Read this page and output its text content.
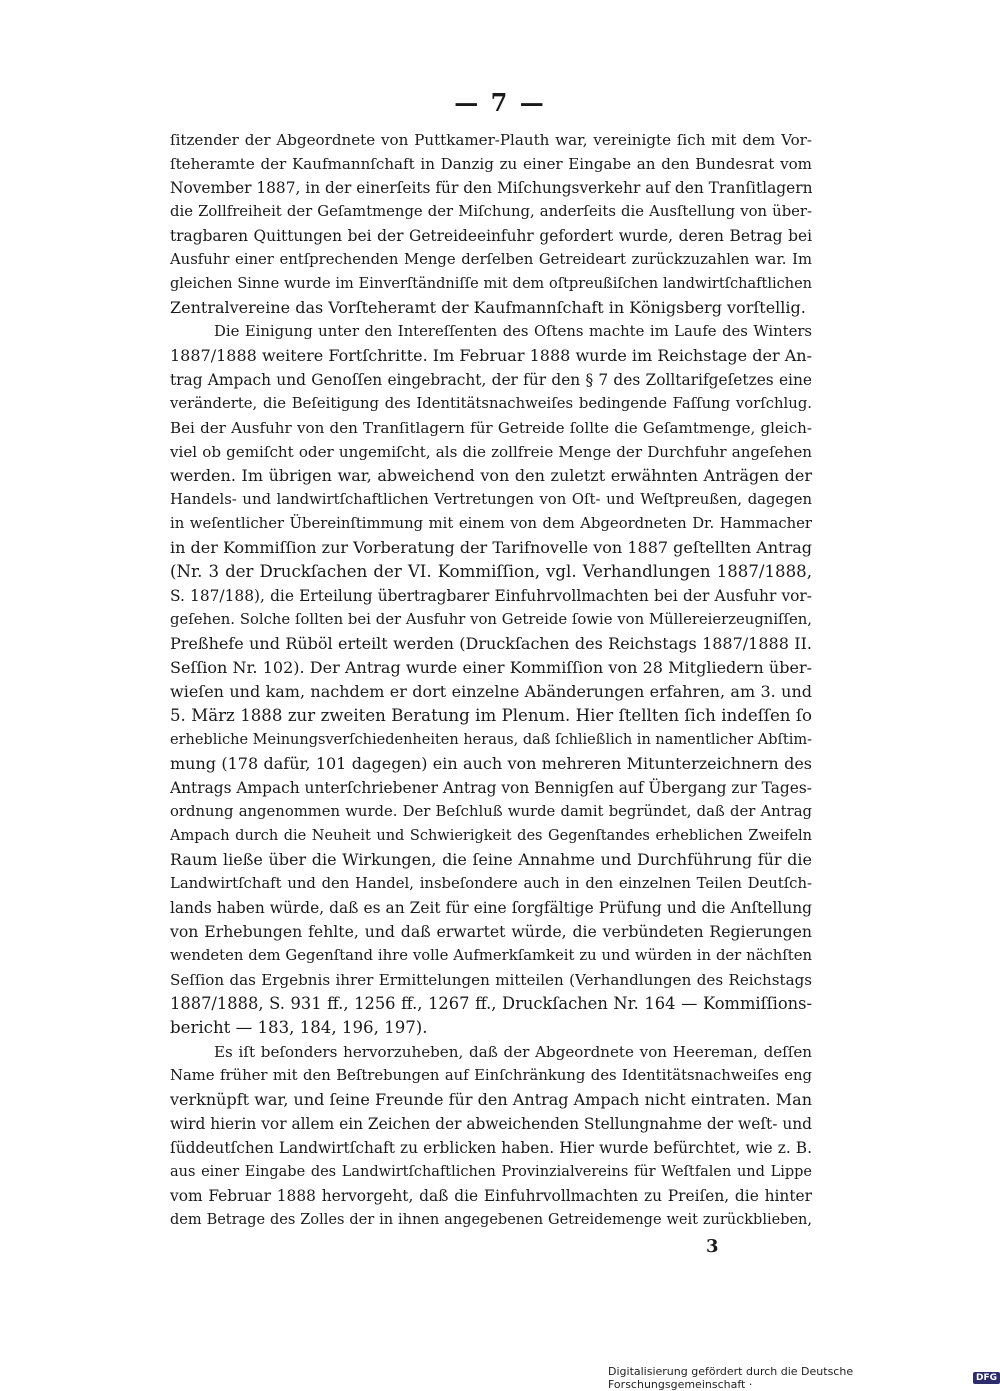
— 7 —
ſitzender der Abgeordnete von Puttkamer-Plauth war, vereinigte ſich mit dem Vor-
ſteheramte der Kaufmannſchaft in Danzig zu einer Eingabe an den Bundesrat vom
November 1887, in der einerſeits für den Miſchungsverkehr auf den Tranſitlagern
die Zollfreiheit der Geſamtmenge der Miſchung, anderſeits die Ausſtellung von über-
tragbaren Quittungen bei der Getreideeinfuhr gefordert wurde, deren Betrag bei
Ausfuhr einer entſprechenden Menge derſelben Getreideart zurückzuzahlen war. Im
gleichen Sinne wurde im Einverſtändniſſe mit dem oſtpreußiſchen landwirtſchaftlichen
Zentralvereine das Vorſteheramt der Kaufmannſchaft in Königsberg vorſtellig.
Die Einigung unter den Intereſſenten des Oſtens machte im Laufe des Winters
1887/1888 weitere Fortſchritte. Im Februar 1888 wurde im Reichstage der An-
trag Ampach und Genoſſen eingebracht, der für den § 7 des Zolltarifgeſetzes eine
veränderte, die Beſeitigung des Identitätsnachweiſes bedingende Faſſung vorſchlug.
Bei der Ausfuhr von den Tranſitlagern für Getreide ſollte die Geſamtmenge, gleich-
viel ob gemiſcht oder ungemiſcht, als die zollfreie Menge der Durchfuhr angeſehen
werden. Im übrigen war, abweichend von den zuletzt erwähnten Anträgen der
Handels- und landwirtſchaftlichen Vertretungen von Oſt- und Weſtpreußen, dagegen
in weſentlicher Übereinſtimmung mit einem von dem Abgeordneten Dr. Hammacher
in der Kommiſſion zur Vorberatung der Tarifnovelle von 1887 geſtellten Antrag
(Nr. 3 der Druckſachen der VI. Kommiſſion, vgl. Verhandlungen 1887/1888,
S. 187/188), die Erteilung übertragbarer Einfuhrvollmachten bei der Ausfuhr vor-
geſehen. Solche ſollten bei der Ausfuhr von Getreide ſowie von Müllereierzeugniſſen,
Preßhefe und Rüböl erteilt werden (Druckſachen des Reichstags 1887/1888 II.
Seſſion Nr. 102). Der Antrag wurde einer Kommiſſion von 28 Mitgliedern über-
wieſen und kam, nachdem er dort einzelne Abänderungen erfahren, am 3. und
5. März 1888 zur zweiten Beratung im Plenum. Hier ſtellten ſich indeſſen ſo
erhebliche Meinungsverſchiedenheiten heraus, daß ſchließlich in namentlicher Abſtim-
mung (178 dafür, 101 dagegen) ein auch von mehreren Mitunterzeichnern des
Antrags Ampach unterſchriebener Antrag von Bennigſen auf Übergang zur Tages-
ordnung angenommen wurde. Der Beſchluß wurde damit begründet, daß der Antrag
Ampach durch die Neuheit und Schwierigkeit des Gegenſtandes erheblichen Zweifeln
Raum ließe über die Wirkungen, die ſeine Annahme und Durchführung für die
Landwirtſchaft und den Handel, insbeſondere auch in den einzelnen Teilen Deutſch-
lands haben würde, daß es an Zeit für eine ſorgfältige Prüfung und die Anſtellung
von Erhebungen fehlte, und daß erwartet würde, die verbündeten Regierungen
wendeten dem Gegenſtand ihre volle Aufmerkſamkeit zu und würden in der nächſten
Seſſion das Ergebnis ihrer Ermittelungen mitteilen (Verhandlungen des Reichstags
1887/1888, S. 931 ff., 1256 ff., 1267 ff., Druckſachen Nr. 164 — Kommiſſions-
bericht — 183, 184, 196, 197).
Es iſt beſonders hervorzuheben, daß der Abgeordnete von Heereman, deſſen
Name früher mit den Beſtrebungen auf Einſchränkung des Identitätsnachweiſes eng
verknüpft war, und ſeine Freunde für den Antrag Ampach nicht eintraten. Man
wird hierin vor allem ein Zeichen der abweichenden Stellungnahme der weſt- und
ſüddeutſchen Landwirtſchaft zu erblicken haben. Hier wurde befürchtet, wie z. B.
aus einer Eingabe des Landwirtſchaftlichen Provinzialvereins für Weſtfalen und Lippe
vom Februar 1888 hervorgeht, daß die Einfuhrvollmachten zu Preiſen, die hinter
dem Betrage des Zolles der in ihnen angegebenen Getreidemenge weit zurückblieben,
3
Digitalisierung gefördert durch die Deutsche Forschungsgemeinschaft ·	DFG
